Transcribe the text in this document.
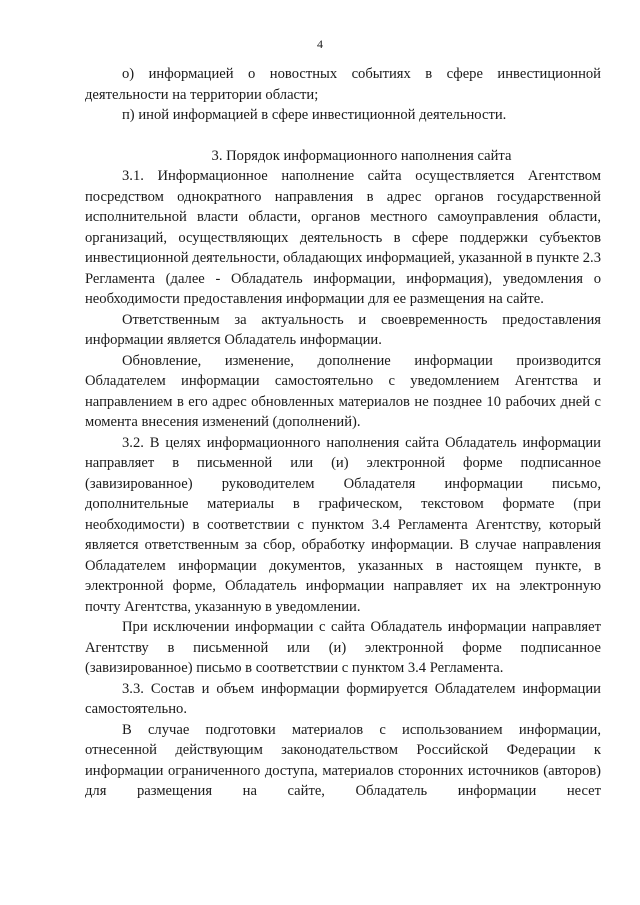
4

о) информацией о новостных событиях в сфере инвестиционной деятельности на территории области;

п) иной информацией в сфере инвестиционной деятельности.

3. Порядок информационного наполнения сайта

3.1. Информационное наполнение сайта осуществляется Агентством посредством однократного направления в адрес органов государственной исполнительной власти области, органов местного самоуправления области, организаций, осуществляющих деятельность в сфере поддержки субъектов инвестиционной деятельности, обладающих информацией, указанной в пункте 2.3 Регламента (далее - Обладатель информации, информация), уведомления о необходимости предоставления информации для ее размещения на сайте.

Ответственным за актуальность и своевременность предоставления информации является Обладатель информации.

Обновление, изменение, дополнение информации производится Обладателем информации самостоятельно с уведомлением Агентства и направлением в его адрес обновленных материалов не позднее 10 рабочих дней с момента внесения изменений (дополнений).

3.2. В целях информационного наполнения сайта Обладатель информации направляет в письменной или (и) электронной форме подписанное (завизированное) руководителем Обладателя информации письмо, дополнительные материалы в графическом, текстовом формате (при необходимости) в соответствии с пунктом 3.4 Регламента Агентству, который является ответственным за сбор, обработку информации. В случае направления Обладателем информации документов, указанных в настоящем пункте, в электронной форме, Обладатель информации направляет их на электронную почту Агентства, указанную в уведомлении.

При исключении информации с сайта Обладатель информации направляет Агентству в письменной или (и) электронной форме подписанное (завизированное) письмо в соответствии с пунктом 3.4 Регламента.

3.3. Состав и объем информации формируется Обладателем информации самостоятельно.

В случае подготовки материалов с использованием информации, отнесенной действующим законодательством Российской Федерации к информации ограниченного доступа, материалов сторонних источников (авторов) для размещения на сайте, Обладатель информации несет
